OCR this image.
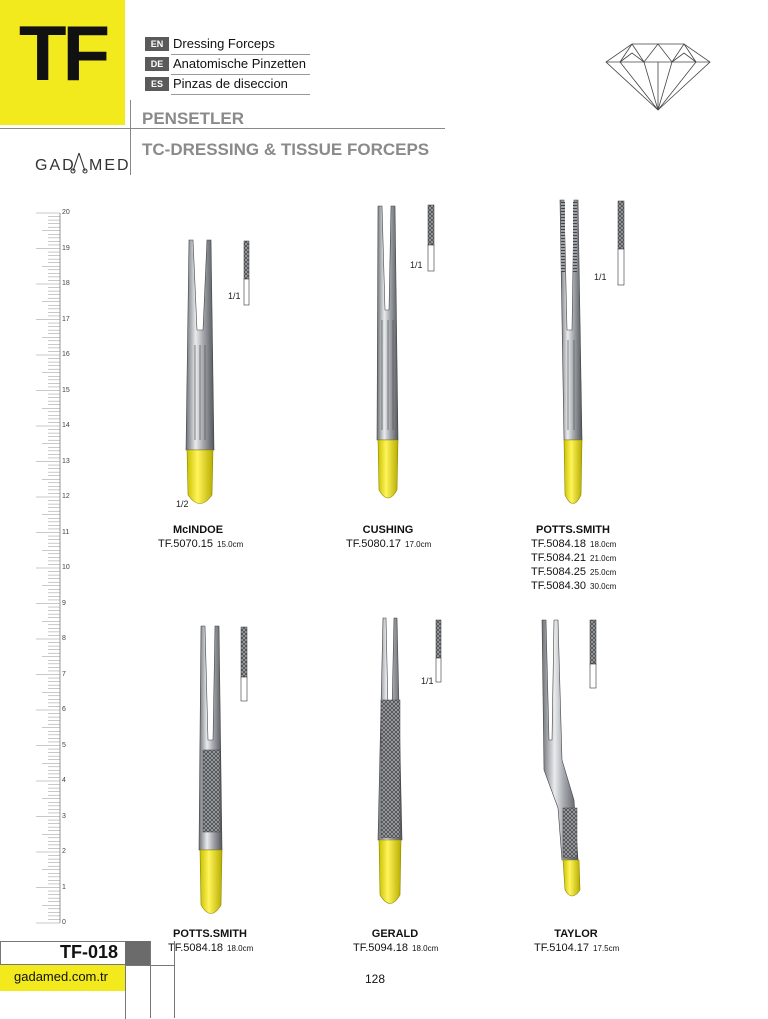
TF	EN Dressing Forceps
DE Anatomische Pinzetten
ES Pinzas de diseccion
PENSETLER
TC-DRESSING & TISSUE FORCEPS
GAD MED
20
19
18
17
16
15
14
13
12
11
10
9
8
7
6
5
4
3
2
1
0
1/1
1/2
1/1
1/1
1/1
McINDOE
TF.5070.15 15.0cm
CUSHING
TF.5080.17 17.0cm
POTTS.SMITH
TF.5084.18 18.0cm
TF.5084.21 21.0cm
TF.5084.25 25.0cm
TF.5084.30 30.0cm
POTTS.SMITH
TF.5084.18 18.0cm
GERALD
TF.5094.18 18.0cm
TAYLOR
TF.5104.17 17.5cm
TF-018
gadamed.com.tr	128
